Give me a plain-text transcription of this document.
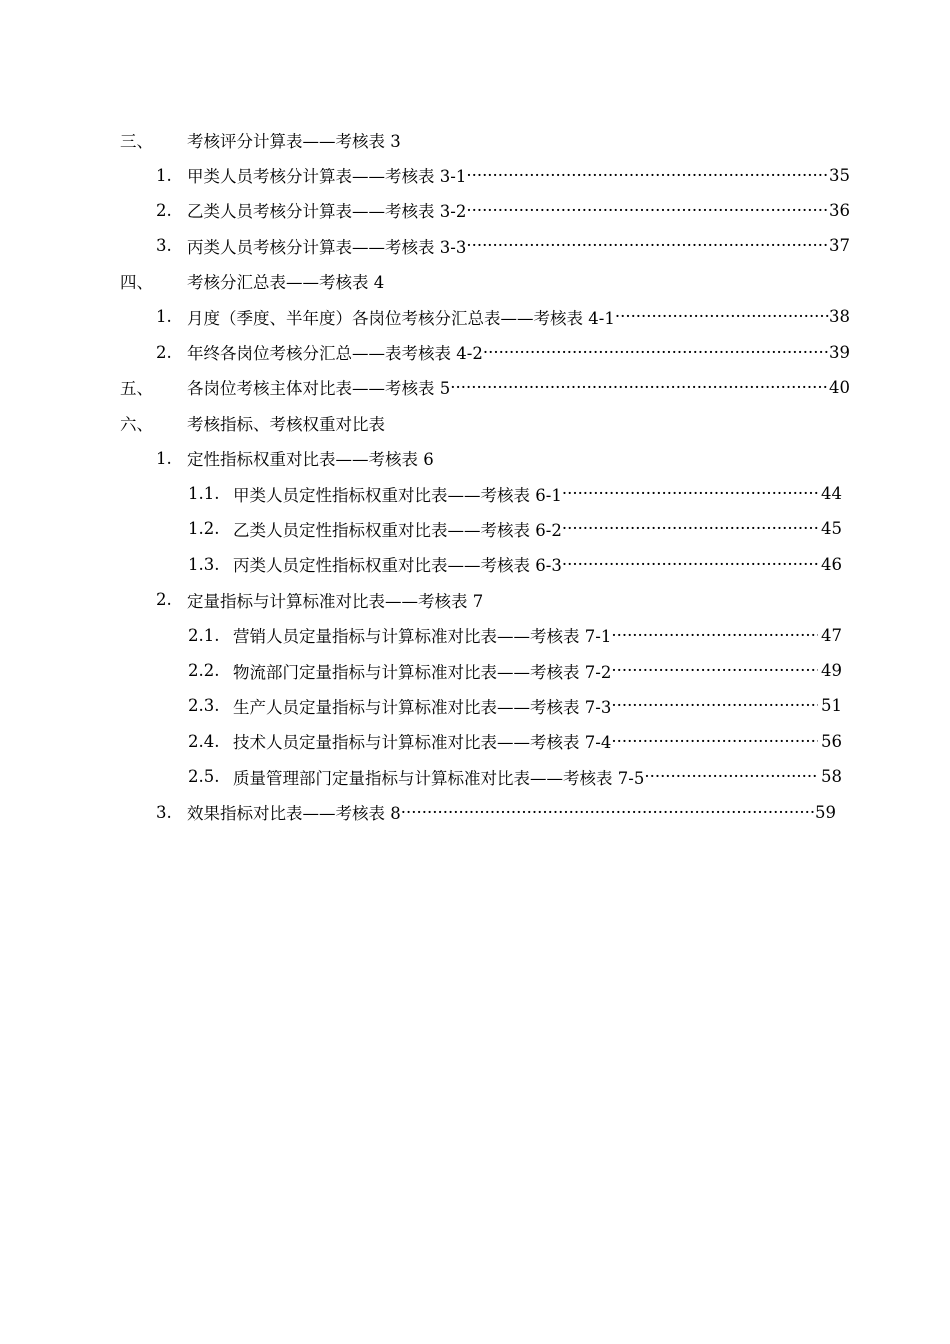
三、 考核评分计算表——考核表 3
1. 甲类人员考核分计算表——考核表 3-1 ·····	35
2. 乙类人员考核分计算表——考核表 3-2 ·····	36
3. 丙类人员考核分计算表——考核表 3-3 ·····	37
四、 考核分汇总表——考核表 4
1. 月度（季度、半年度）各岗位考核分汇总表——考核表 4-1 ·····	38
2. 年终各岗位考核分汇总——表考核表 4-2 ·····	39
五、 各岗位考核主体对比表——考核表 5 ·····	40
六、 考核指标、考核权重对比表
1. 定性指标权重对比表——考核表 6
1.1. 甲类人员定性指标权重对比表——考核表 6-1 ·····	44
1.2. 乙类人员定性指标权重对比表——考核表 6-2 ·····	45
1.3. 丙类人员定性指标权重对比表——考核表 6-3 ·····	46
2. 定量指标与计算标准对比表——考核表 7
2.1. 营销人员定量指标与计算标准对比表——考核表 7-1 ·····	47
2.2. 物流部门定量指标与计算标准对比表——考核表 7-2 ·····	49
2.3. 生产人员定量指标与计算标准对比表——考核表 7-3 ·····	51
2.4. 技术人员定量指标与计算标准对比表——考核表 7-4 ·····	56
2.5. 质量管理部门定量指标与计算标准对比表——考核表 7-5 ·····	58
3. 效果指标对比表——考核表 8 ·····	59
